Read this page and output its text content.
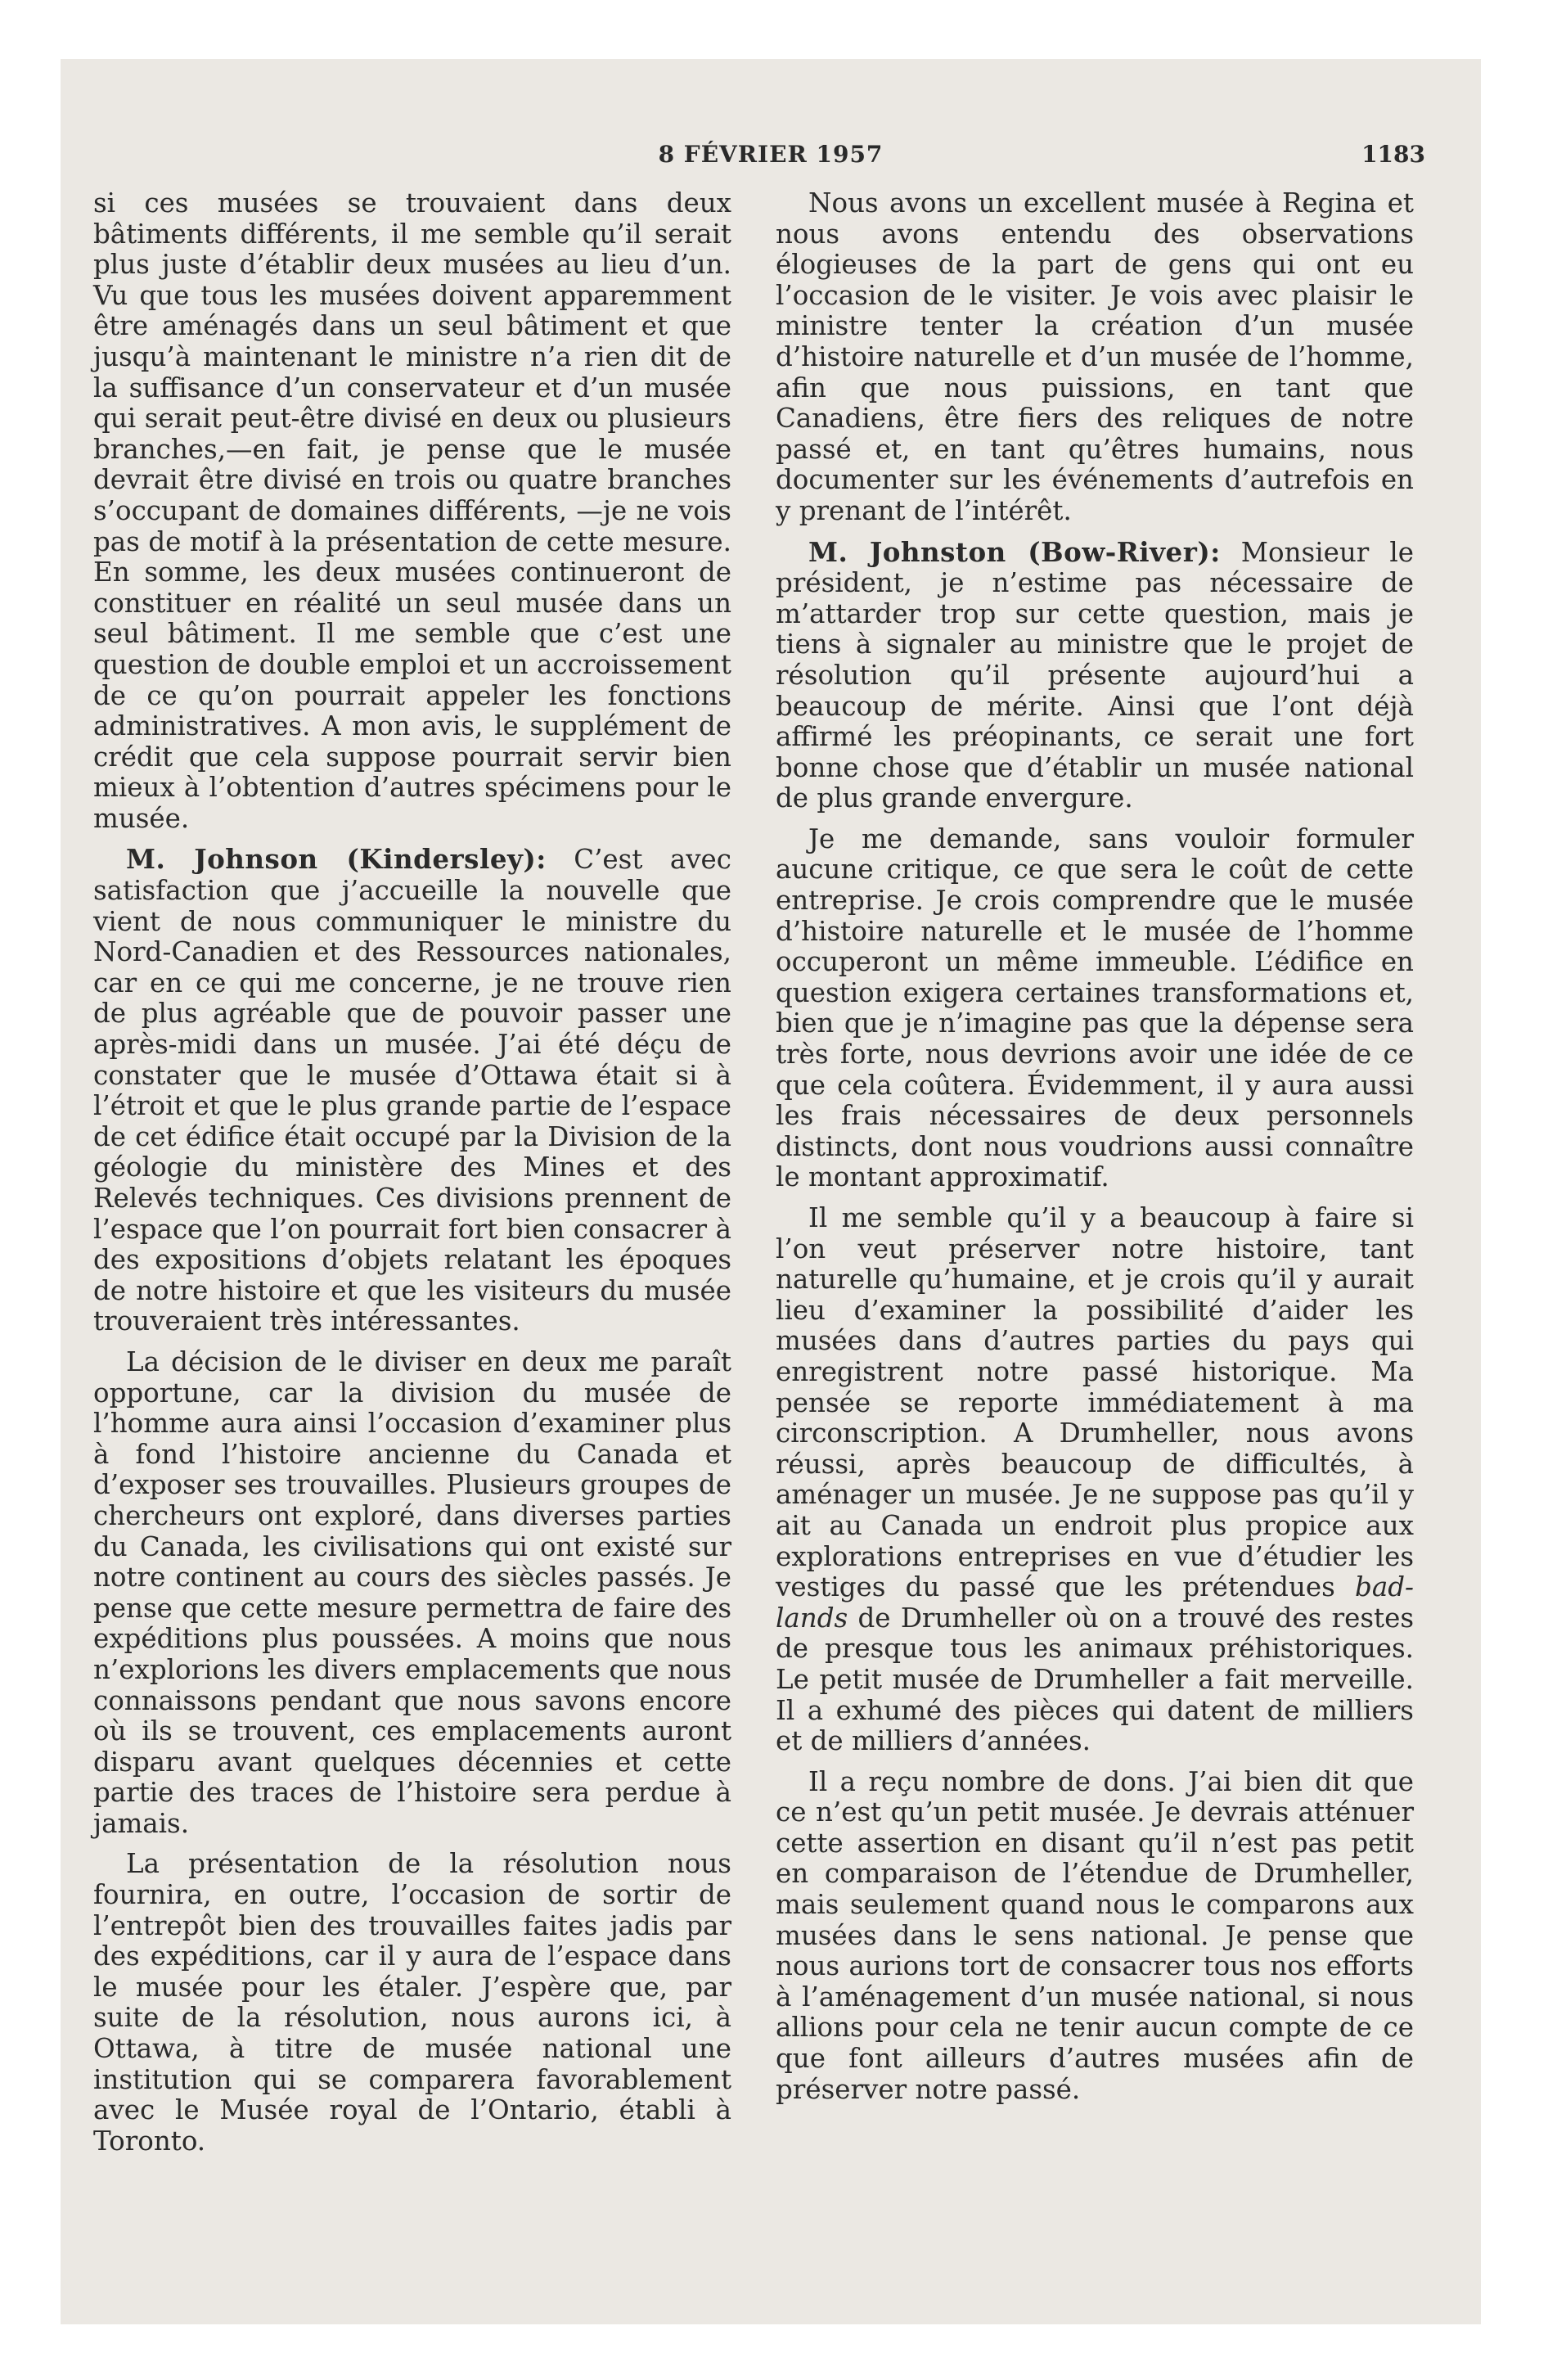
8 FÉVRIER 1957	1183

si ces musées se trouvaient dans deux bâtiments différents, il me semble qu’il serait plus juste d’établir deux musées au lieu d’un. Vu que tous les musées doivent apparemment être aménagés dans un seul bâtiment et que jusqu’à maintenant le ministre n’a rien dit de la suffisance d’un conservateur et d’un musée qui serait peut-être divisé en deux ou plusieurs branches,—en fait, je pense que le musée devrait être divisé en trois ou quatre branches s’occupant de domaines différents, —je ne vois pas de motif à la présentation de cette mesure. En somme, les deux musées continueront de constituer en réalité un seul musée dans un seul bâtiment. Il me semble que c’est une question de double emploi et un accroissement de ce qu’on pourrait appeler les fonctions administratives. A mon avis, le supplément de crédit que cela suppose pourrait servir bien mieux à l’obtention d’autres spécimens pour le musée.

M. Johnson (Kindersley): C’est avec satisfaction que j’accueille la nouvelle que vient de nous communiquer le ministre du Nord-Canadien et des Ressources nationales, car en ce qui me concerne, je ne trouve rien de plus agréable que de pouvoir passer une après-midi dans un musée. J’ai été déçu de constater que le musée d’Ottawa était si à l’étroit et que le plus grande partie de l’espace de cet édifice était occupé par la Division de la géologie du ministère des Mines et des Relevés techniques. Ces divisions prennent de l’espace que l’on pourrait fort bien consacrer à des expositions d’objets relatant les époques de notre histoire et que les visiteurs du musée trouveraient très intéressantes.

La décision de le diviser en deux me paraît opportune, car la division du musée de l’homme aura ainsi l’occasion d’examiner plus à fond l’histoire ancienne du Canada et d’exposer ses trouvailles. Plusieurs groupes de chercheurs ont exploré, dans diverses parties du Canada, les civilisations qui ont existé sur notre continent au cours des siècles passés. Je pense que cette mesure permettra de faire des expéditions plus poussées. A moins que nous n’explorions les divers emplacements que nous connaissons pendant que nous savons encore où ils se trouvent, ces emplacements auront disparu avant quelques décennies et cette partie des traces de l’histoire sera perdue à jamais.

La présentation de la résolution nous fournira, en outre, l’occasion de sortir de l’entrepôt bien des trouvailles faites jadis par des expéditions, car il y aura de l’espace dans le musée pour les étaler. J’espère que, par suite de la résolution, nous aurons ici, à Ottawa, à titre de musée national une institution qui se comparera favorablement avec le Musée royal de l’Ontario, établi à Toronto.

Nous avons un excellent musée à Regina et nous avons entendu des observations élogieuses de la part de gens qui ont eu l’occasion de le visiter. Je vois avec plaisir le ministre tenter la création d’un musée d’histoire naturelle et d’un musée de l’homme, afin que nous puissions, en tant que Canadiens, être fiers des reliques de notre passé et, en tant qu’êtres humains, nous documenter sur les événements d’autrefois en y prenant de l’intérêt.

M. Johnston (Bow-River): Monsieur le président, je n’estime pas nécessaire de m’attarder trop sur cette question, mais je tiens à signaler au ministre que le projet de résolution qu’il présente aujourd’hui a beaucoup de mérite. Ainsi que l’ont déjà affirmé les préopinants, ce serait une fort bonne chose que d’établir un musée national de plus grande envergure.

Je me demande, sans vouloir formuler aucune critique, ce que sera le coût de cette entreprise. Je crois comprendre que le musée d’histoire naturelle et le musée de l’homme occuperont un même immeuble. L’édifice en question exigera certaines transformations et, bien que je n’imagine pas que la dépense sera très forte, nous devrions avoir une idée de ce que cela coûtera. Évidemment, il y aura aussi les frais nécessaires de deux personnels distincts, dont nous voudrions aussi connaître le montant approximatif.

Il me semble qu’il y a beaucoup à faire si l’on veut préserver notre histoire, tant naturelle qu’humaine, et je crois qu’il y aurait lieu d’examiner la possibilité d’aider les musées dans d’autres parties du pays qui enregistrent notre passé historique. Ma pensée se reporte immédiatement à ma circonscription. A Drumheller, nous avons réussi, après beaucoup de difficultés, à aménager un musée. Je ne suppose pas qu’il y ait au Canada un endroit plus propice aux explorations entreprises en vue d’étudier les vestiges du passé que les prétendues bad-lands de Drumheller où on a trouvé des restes de presque tous les animaux préhistoriques. Le petit musée de Drumheller a fait merveille. Il a exhumé des pièces qui datent de milliers et de milliers d’années.

Il a reçu nombre de dons. J’ai bien dit que ce n’est qu’un petit musée. Je devrais atténuer cette assertion en disant qu’il n’est pas petit en comparaison de l’étendue de Drumheller, mais seulement quand nous le comparons aux musées dans le sens national. Je pense que nous aurions tort de consacrer tous nos efforts à l’aménagement d’un musée national, si nous allions pour cela ne tenir aucun compte de ce que font ailleurs d’autres musées afin de préserver notre passé.
